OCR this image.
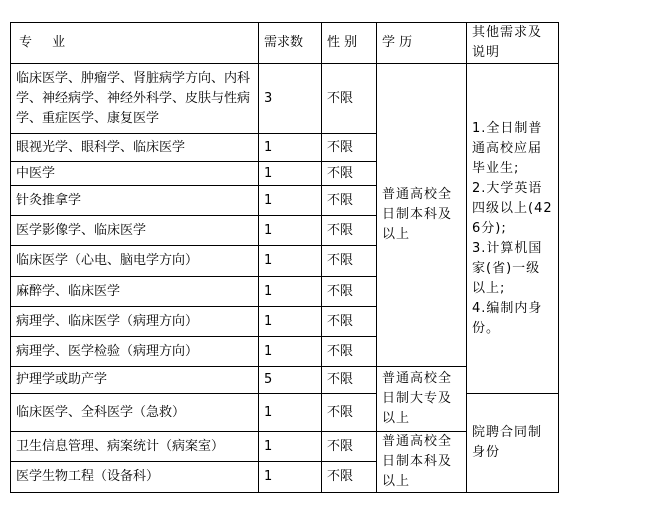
专 业	需求数	性 别	学 历	其他需求及说明
临床医学、肿瘤学、肾脏病学方向、内科学、神经病学、神经外科学、皮肤与性病学、重症医学、康复医学	3	不限	普通高校全日制本科及以上	1.全日制普通高校应届毕业生;
2.大学英语四级以上(426分);
3.计算机国家(省)一级以上;
4.编制内身份。

眼视光学、眼科学、临床医学	1	不限		
中医学	1	不限		
针灸推拿学	1	不限		
医学影像学、临床医学	1	不限		
临床医学（心电、脑电学方向）	1	不限		
麻醉学、临床医学	1	不限		
病理学、临床医学（病理方向）	1	不限		
病理学、医学检验（病理方向）	1	不限		
护理学或助产学	5	不限	普通高校全日制大专及以上	
临床医学、全科医学（急救）	1	不限		院聘合同制身份
卫生信息管理、病案统计（病案室）	1	不限	普通高校全日制本科及以上	
医学生物工程（设备科）	1	不限		
